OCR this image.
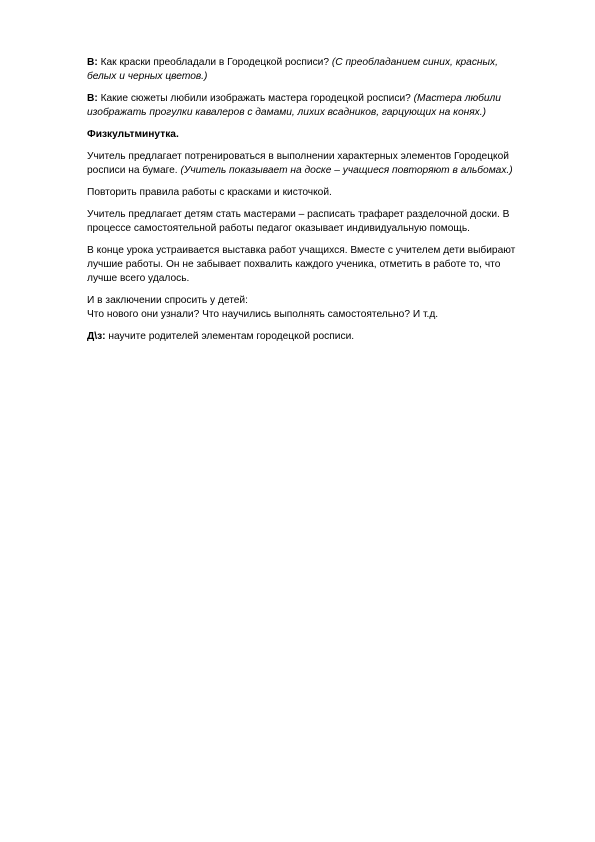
В: Как краски преобладали в Городецкой росписи? (С преобладанием синих, красных, белых и черных цветов.)

В: Какие сюжеты любили изображать мастера городецкой росписи? (Мастера любили изображать прогулки кавалеров с дамами, лихих всадников, гарцующих на конях.)

Физкультминутка.

Учитель предлагает потренироваться в выполнении характерных элементов Городецкой росписи на бумаге. (Учитель показывает на доске – учащиеся повторяют в альбомах.)

Повторить правила работы с красками и кисточкой.

Учитель предлагает детям стать мастерами – расписать трафарет разделочной доски. В процессе самостоятельной работы педагог оказывает индивидуальную помощь.

В конце урока устраивается выставка работ учащихся. Вместе с учителем дети выбирают лучшие работы. Он не забывает похвалить каждого ученика, отметить в работе то, что лучше всего удалось.

И в заключении спросить у детей:
Что нового они узнали? Что научились выполнять самостоятельно? И т.д.

Д\з: научите родителей элементам городецкой росписи.
